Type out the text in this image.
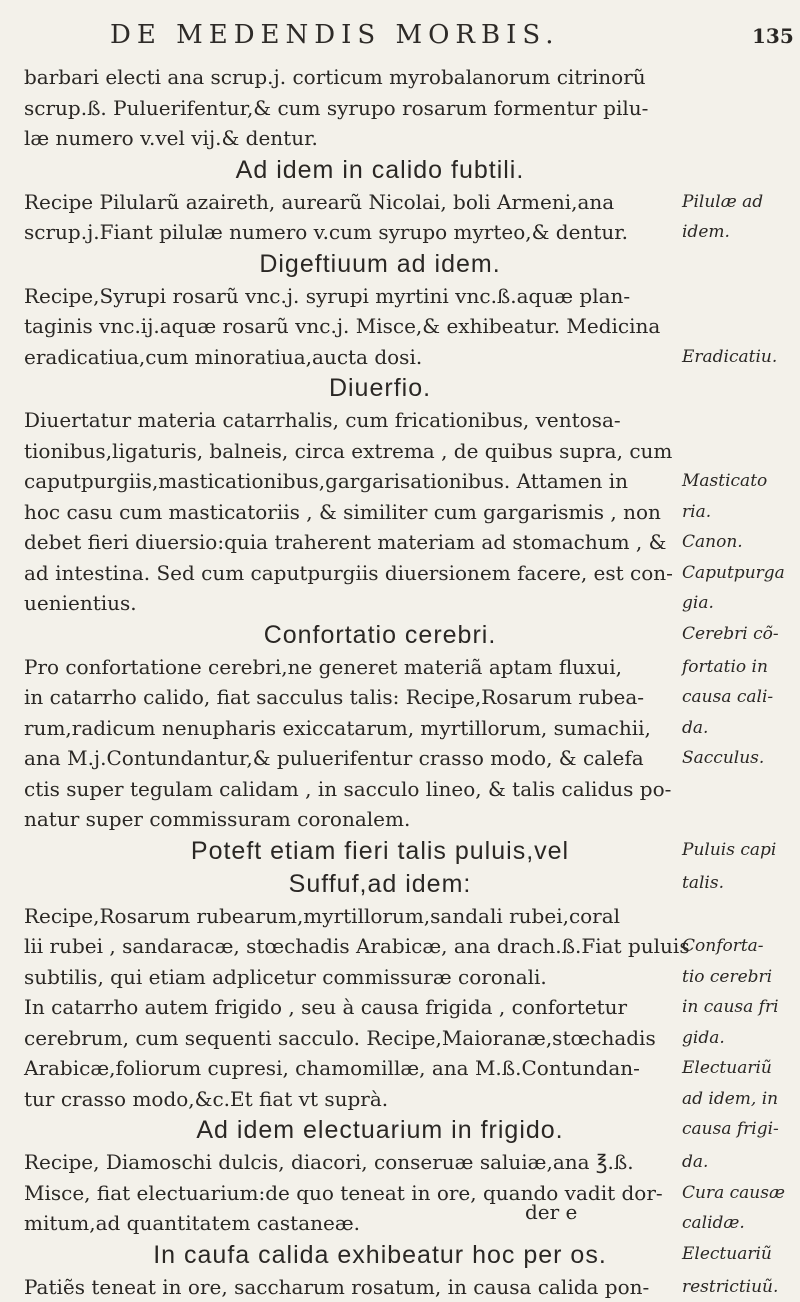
DE MEDENDIS MORBIS.	135
barbari electi ana scrup.j. corticum myrobalanorum citrinorũ
scrup.ß. Puluerifentur,& cum syrupo rosarum formentur pilu-
læ numero v.vel vij.& dentur.
Ad idem in calido fubtili.
Recipe Pilularũ azaireth, aurearũ Nicolai, boli Armeni,ana
scrup.j.Fiant pilulæ numero v.cum syrupo myrteo,& dentur.
Digeftiuum ad idem.
Recipe,Syrupi rosarũ vnc.j. syrupi myrtini vnc.ß.aquæ plan-
taginis vnc.ij.aquæ rosarũ vnc.j. Misce,& exhibeatur. Medicina
eradicatiua,cum minoratiua,aucta dosi.
Diuerfio.
Diuertatur materia catarrhalis, cum fricationibus, ventosa-
tionibus,ligaturis, balneis, circa extrema , de quibus supra, cum
caputpurgiis,masticationibus,gargarisationibus. Attamen in
hoc casu cum masticatoriis , & similiter cum gargarismis , non
debet fieri diuersio:quia traherent materiam ad stomachum , &
ad intestina. Sed cum caputpurgiis diuersionem facere, est con-
uenientius.
Confortatio cerebri.
Pro confortatione cerebri,ne generet materiã aptam fluxui,
in catarrho calido, fiat sacculus talis: Recipe,Rosarum rubea-
rum,radicum nenupharis exiccatarum, myrtillorum, sumachii,
ana M.j.Contundantur,& puluerifentur crasso modo, & calefa
ctis super tegulam calidam , in sacculo lineo, & talis calidus po-
natur super commissuram coronalem.
Poteft etiam fieri talis puluis,vel
Suffuf,ad idem:
Recipe,Rosarum rubearum,myrtillorum,sandali rubei,coral
lii rubei , sandaracæ, stœchadis Arabicæ, ana drach.ß.Fiat puluis
subtilis, qui etiam adplicetur commissuræ coronali.
In catarrho autem frigido , seu à causa frigida , confortetur
cerebrum, cum sequenti sacculo. Recipe,Maioranæ,stœchadis
Arabicæ,foliorum cupresi, chamomillæ, ana M.ß.Contundan-
tur crasso modo,&c.Et fiat vt suprà.
Ad idem electuarium in frigido.
Recipe, Diamoschi dulcis, diacori, conseruæ saluiæ,ana ℥.ß.
Misce, fiat electuarium:de quo teneat in ore, quando vadit dor-
mitum,ad quantitatem castaneæ.
In caufa calida exhibeatur hoc per os.
Patiẽs teneat in ore, saccharum rosatum, in causa calida pon-
Pilulæ ad
idem.
Eradicatiu.
Masticato
ria.
Canon.
Caputpurga
gia.
Cerebri cõ-
fortatio in
causa cali-
da.
Sacculus.
Puluis capi
talis.
Conforta-
tio cerebri
in causa fri
gida.
Electuariũ
ad idem, in
causa frigi-
da.
Cura causæ
calidæ.
Electuariũ
restrictiuũ.
der e
